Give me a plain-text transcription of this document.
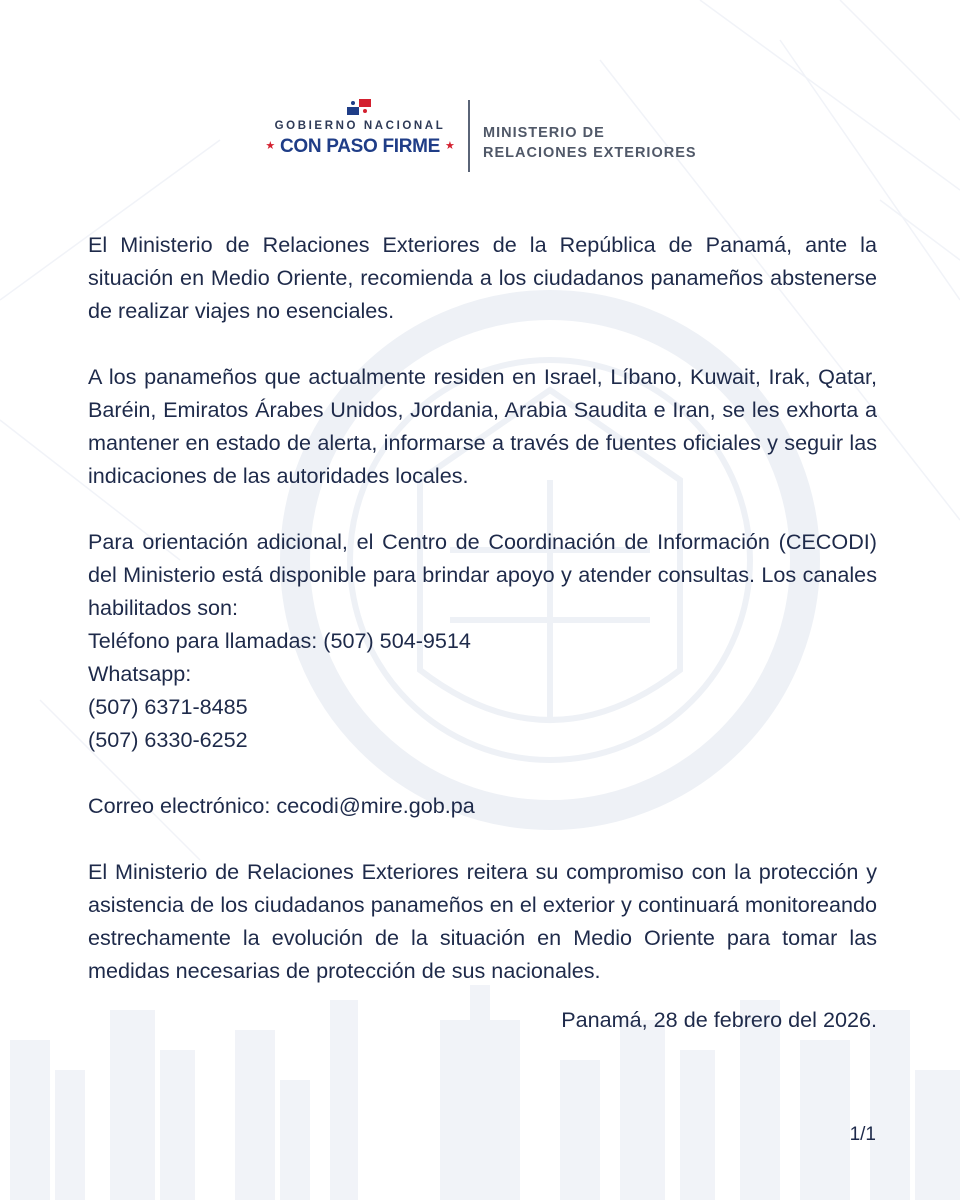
GOBIERNO NACIONAL
★ CON PASO FIRME ★
MINISTERIO DE
RELACIONES EXTERIORES

El Ministerio de Relaciones Exteriores de la República de Panamá, ante la situación en Medio Oriente, recomienda a los ciudadanos panameños abstenerse de realizar viajes no esenciales.

A los panameños que actualmente residen en Israel, Líbano, Kuwait, Irak, Qatar, Baréin, Emiratos Árabes Unidos, Jordania, Arabia Saudita e Iran, se les exhorta a mantener en estado de alerta, informarse a través de fuentes oficiales y seguir las indicaciones de las autoridades locales.

Para orientación adicional, el Centro de Coordinación de Información (CECODI) del Ministerio está disponible para brindar apoyo y atender consultas. Los canales habilitados son:

Teléfono para llamadas: (507) 504-9514
Whatsapp:
(507) 6371-8485
(507) 6330-6252
Correo electrónico: cecodi@mire.gob.pa

El Ministerio de Relaciones Exteriores reitera su compromiso con la protección y asistencia de los ciudadanos panameños en el exterior y continuará monitoreando estrechamente la evolución de la situación en Medio Oriente para tomar las medidas necesarias de protección de sus nacionales.

Panamá, 28 de febrero del 2026.
1/1
